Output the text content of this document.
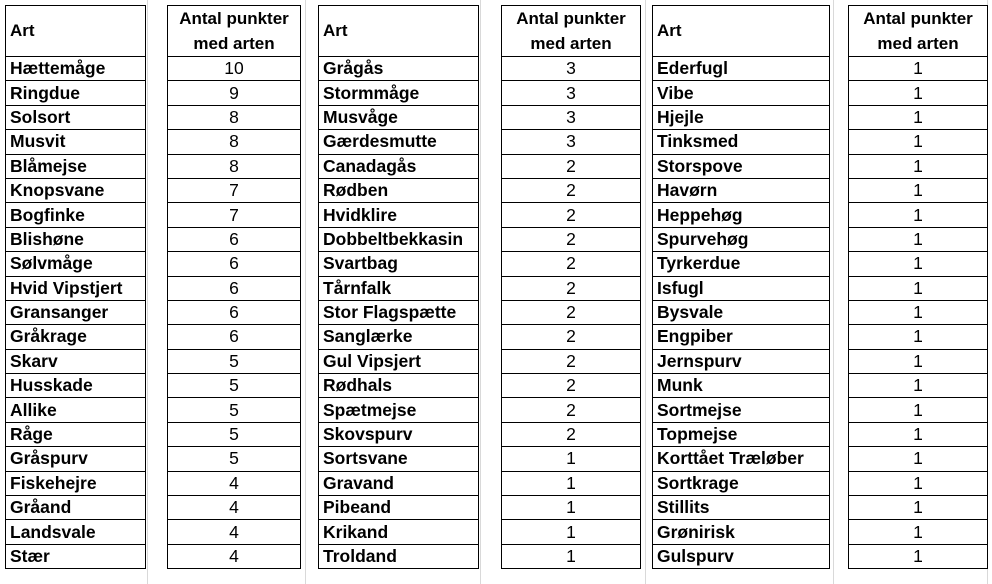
Art		Antal punkter
med arten
Hættemåge		10
Ringdue		9
Solsort		8
Musvit		8
Blåmejse		8
Knopsvane		7
Bogfinke		7
Blishøne		6
Sølvmåge		6
Hvid Vipstjert		6
Gransanger		6
Gråkrage		6
Skarv		5
Husskade		5
Allike		5
Råge		5
Gråspurv		5
Fiskehejre		4
Gråand		4
Landsvale		4
Stær		4
Art		Antal punkter
med arten
Grågås		3
Stormmåge		3
Musvåge		3
Gærdesmutte		3
Canadagås		2
Rødben		2
Hvidklire		2
Dobbeltbekkasin		2
Svartbag		2
Tårnfalk		2
Stor Flagspætte		2
Sanglærke		2
Gul Vipsjert		2
Rødhals		2
Spætmejse		2
Skovspurv		2
Sortsvane		1
Gravand		1
Pibeand		1
Krikand		1
Troldand		1
Art		Antal punkter
med arten
Ederfugl		1
Vibe		1
Hjejle		1
Tinksmed		1
Storspove		1
Havørn		1
Heppehøg		1
Spurvehøg		1
Tyrkerdue		1
Isfugl		1
Bysvale		1
Engpiber		1
Jernspurv		1
Munk		1
Sortmejse		1
Topmejse		1
Korttået Træløber		1
Sortkrage		1
Stillits		1
Grønirisk		1
Gulspurv		1
